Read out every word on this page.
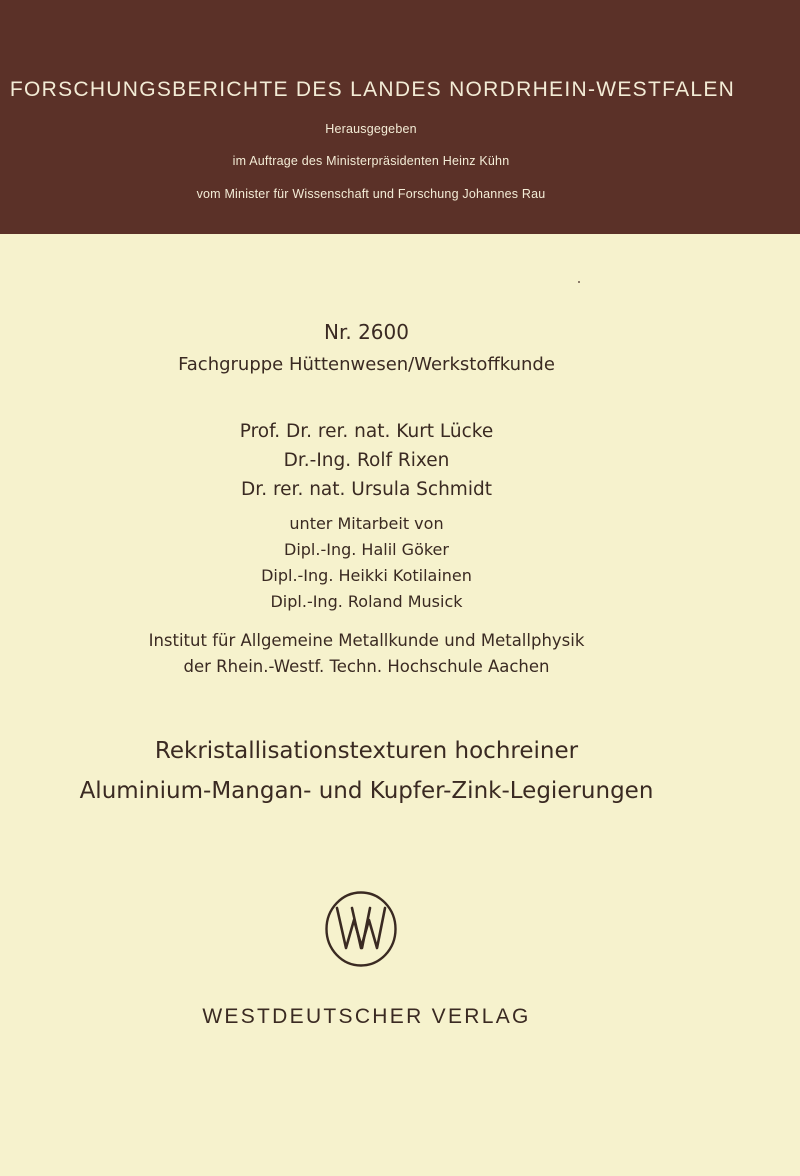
FORSCHUNGSBERICHTE DES LANDES NORDRHEIN-WESTFALEN
Herausgegeben
im Auftrage des Ministerpräsidenten Heinz Kühn
vom Minister für Wissenschaft und Forschung Johannes Rau
Nr. 2600
Fachgruppe Hüttenwesen/Werkstoffkunde
Prof. Dr. rer. nat. Kurt Lücke
Dr.-Ing. Rolf Rixen
Dr. rer. nat. Ursula Schmidt
unter Mitarbeit von
Dipl.-Ing. Halil Göker
Dipl.-Ing. Heikki Kotilainen
Dipl.-Ing. Roland Musick
Institut für Allgemeine Metallkunde und Metallphysik
der Rhein.-Westf. Techn. Hochschule Aachen
Rekristallisationstexturen hochreiner
Aluminium-Mangan- und Kupfer-Zink-Legierungen
WESTDEUTSCHER VERLAG
